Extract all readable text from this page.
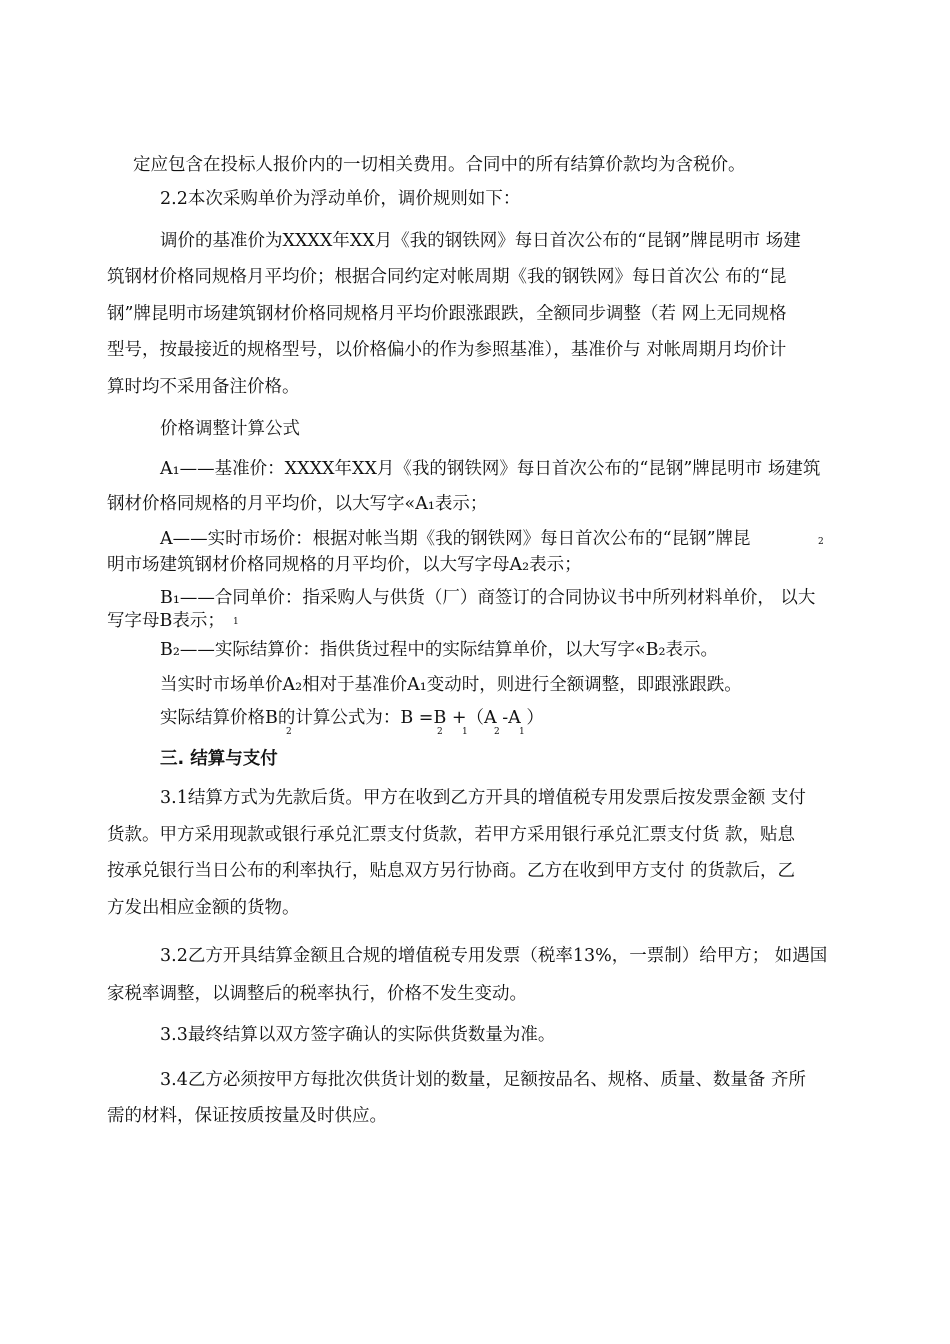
定应包含在投标人报价内的一切相关费用。合同中的所有结算价款均为含税价。
2.2本次采购单价为浮动单价，调价规则如下：
调价的基准价为XXXX年XX月《我的钢铁网》每日首次公布的“昆钢”牌昆明市 场建
筑钢材价格同规格月平均价；根据合同约定对帐周期《我的钢铁网》每日首次公 布的“昆
钢”牌昆明市场建筑钢材价格同规格月平均价跟涨跟跌，全额同步调整（若 网上无同规格
型号，按最接近的规格型号，以价格偏小的作为参照基准），基准价与 对帐周期月均价计
算时均不采用备注价格。
价格调整计算公式
A₁——基准价：XXXX年XX月《我的钢铁网》每日首次公布的“昆钢”牌昆明市 场建筑
钢材价格同规格的月平均价，以大写字«A₁表示；
A——实时市场价：根据对帐当期《我的钢铁网》每日首次公布的“昆钢”牌昆	2
明市场建筑钢材价格同规格的月平均价，以大写字母A₂表示；
B₁——合同单价：指采购人与供货（厂）商签订的合同协议书中所列材料单价， 以大
写字母B表示； 1
B₂——实际结算价：指供货过程中的实际结算单价，以大写字«B₂表示。
当实时市场单价A₂相对于基准价A₁变动时，则进行全额调整，即跟涨跟跌。
实际结算价格B的计算公式为：B =B +（A -A ）
2	2 1	2 1
三. 结算与支付
3.1结算方式为先款后货。甲方在收到乙方开具的增值税专用发票后按发票金额 支付
货款。甲方采用现款或银行承兑汇票支付货款，若甲方采用银行承兑汇票支付货 款，贴息
按承兑银行当日公布的利率执行，贴息双方另行协商。乙方在收到甲方支付 的货款后，乙
方发出相应金额的货物。
3.2乙方开具结算金额且合规的增值税专用发票（税率13%，一票制）给甲方； 如遇国
家税率调整，以调整后的税率执行，价格不发生变动。
3.3最终结算以双方签字确认的实际供货数量为准。
3.4乙方必须按甲方每批次供货计划的数量，足额按品名、规格、质量、数量备 齐所
需的材料，保证按质按量及时供应。
